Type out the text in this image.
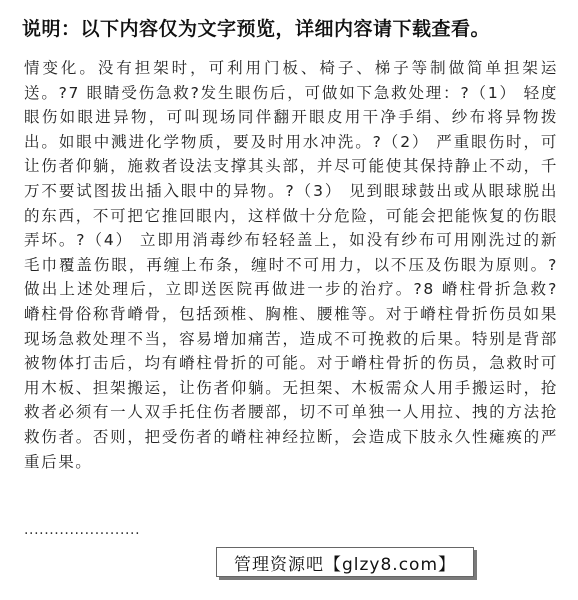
说明：以下内容仅为文字预览，详细内容请下载查看。

情变化。没有担架时，可利用门板、椅子、梯子等制做简单担架运送。?7 眼睛受伤急救?发生眼伤后，可做如下急救处理：?（1） 轻度眼伤如眼进异物，可叫现场同伴翻开眼皮用干净手绢、纱布将异物拨出。如眼中溅进化学物质，要及时用水冲洗。?（2） 严重眼伤时，可让伤者仰躺，施救者设法支撑其头部，并尽可能使其保持静止不动，千万不要试图拔出插入眼中的异物。?（3） 见到眼球鼓出或从眼球脱出的东西，不可把它推回眼内，这样做十分危险，可能会把能恢复的伤眼弄坏。?（4） 立即用消毒纱布轻轻盖上，如没有纱布可用刚洗过的新毛巾覆盖伤眼，再缠上布条，缠时不可用力，以不压及伤眼为原则。? 做出上述处理后，立即送医院再做进一步的治疗。?8 嵴柱骨折急救? 嵴柱骨俗称背嵴骨，包括颈椎、胸椎、腰椎等。对于嵴柱骨折伤员如果现场急救处理不当，容易增加痛苦，造成不可挽救的后果。特别是背部被物体打击后，均有嵴柱骨折的可能。对于嵴柱骨折的伤员，急救时可用木板、担架搬运，让伤者仰躺。无担架、木板需众人用手搬运时，抢救者必须有一人双手托住伤者腰部，切不可单独一人用拉、拽的方法抢救伤者。否则，把受伤者的嵴柱神经拉断，会造成下肢永久性瘫痪的严重后果。

·······················
管理资源吧【glzy8.com】
